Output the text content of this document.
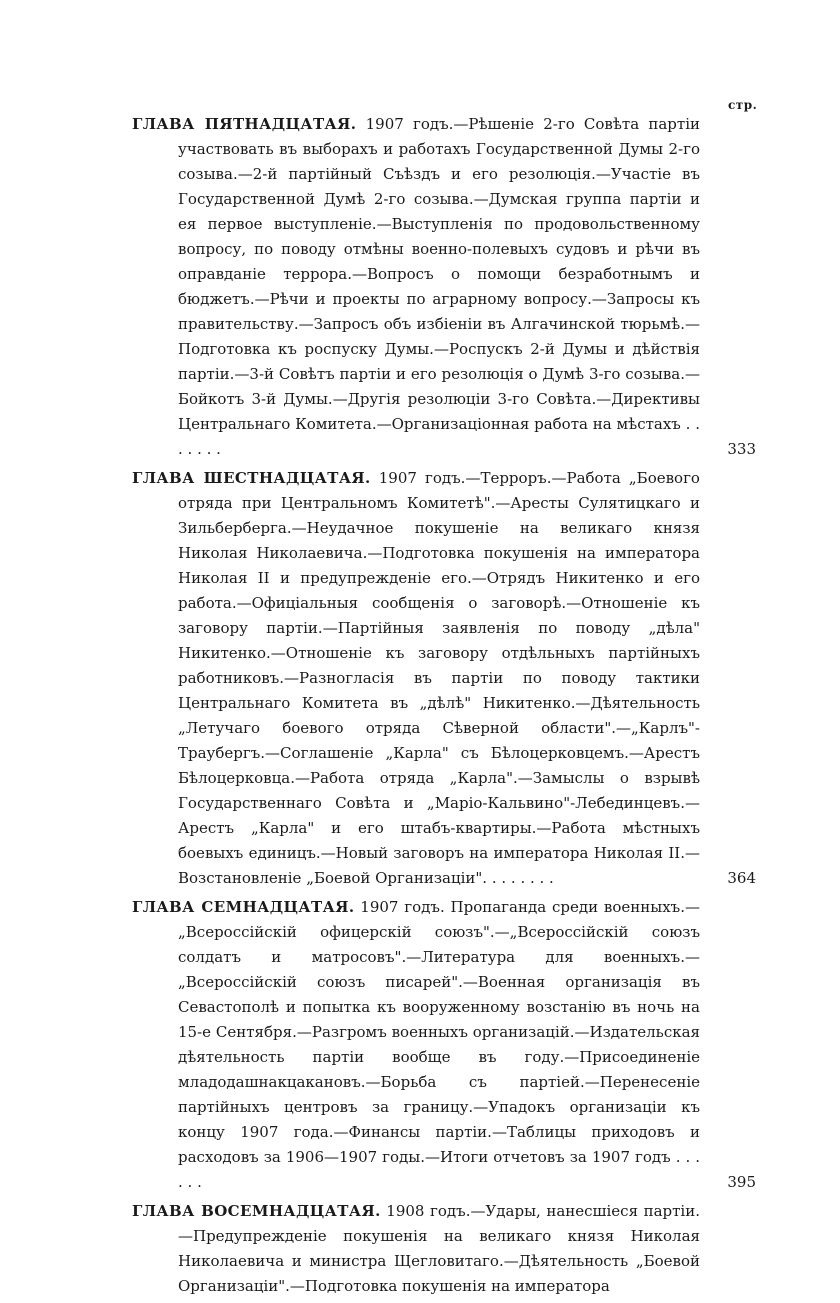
стр.
ГЛАВА ПЯТНАДЦАТАЯ. 1907 годъ.—Рѣшеніе 2-го Совѣта партіи участвовать въ выборахъ и работахъ Государственной Думы 2-го созыва.—2-й партійный Съѣздъ и его резолюція.—Участіе въ Государственной Думѣ 2-го созыва.—Думская группа партіи и ея первое выступленіе.—Выступленія по продовольственному вопросу, по поводу отмѣны военно-полевыхъ судовъ и рѣчи въ оправданіе террора.—Вопросъ о помощи безработнымъ и бюджетъ.—Рѣчи и проекты по аграрному вопросу.—Запросы къ правительству.—Запросъ объ избіеніи въ Алгачинской тюрьмѣ.—Подготовка къ роспуску Думы.—Роспускъ 2-й Думы и дѣйствія партіи.—3-й Совѣтъ партіи и его резолюція о Думѣ 3-го созыва.—Бойкотъ 3-й Думы.—Другія резолюціи 3-го Совѣта.—Директивы Центральнаго Комитета.—Организаціонная работа на мѣстахъ . . . . . . .	333
ГЛАВА ШЕСТНАДЦАТАЯ. 1907 годъ.—Терроръ.—Работа „Боевого отряда при Центральномъ Комитетѣ".—Аресты Сулятицкаго и Зильберберга.—Неудачное покушеніе на великаго князя Николая Николаевича.—Подготовка покушенія на императора Николая II и предупрежденіе его.—Отрядъ Никитенко и его работа.—Офиціальныя сообщенія о заговорѣ.—Отношеніе къ заговору партіи.—Партійныя заявленія по поводу „дѣла" Никитенко.—Отношеніе къ заговору отдѣльныхъ партійныхъ работниковъ.—Разногласія въ партіи по поводу тактики Центральнаго Комитета въ „дѣлѣ" Никитенко.—Дѣятельность „Летучаго боевого отряда Сѣверной области".—„Карлъ"-Траубергъ.—Соглашеніе „Карла" съ Бѣлоцерковцемъ.—Арестъ Бѣлоцерковца.—Работа отряда „Карла".—Замыслы о взрывѣ Государственнаго Совѣта и „Маріо-Кальвино"-Лебединцевъ.—Арестъ „Карла" и его штабъ-квартиры.—Работа мѣстныхъ боевыхъ единицъ.—Новый заговоръ на императора Николая II.—Возстановленіе „Боевой Организаціи". . . . . . . .	364
ГЛАВА СЕМНАДЦАТАЯ. 1907 годъ. Пропаганда среди военныхъ.—„Всероссійскій офицерскій союзъ".—„Всероссійскій союзъ солдатъ и матросовъ".—Литература для военныхъ.—„Всероссійскій союзъ писарей".—Военная организація въ Севастополѣ и попытка къ вооруженному возстанію въ ночь на 15-е Сентября.—Разгромъ военныхъ организацій.—Издательская дѣятельность партіи вообще въ году.—Присоединеніе младодашнакцакановъ.—Борьба съ партіей.—Перенесеніе партійныхъ центровъ за границу.—Упадокъ организаціи къ концу 1907 года.—Финансы партіи.—Таблицы приходовъ и расходовъ за 1906—1907 годы.—Итоги отчетовъ за 1907 годъ . . . . . .	395
ГЛАВА ВОСЕМНАДЦАТАЯ. 1908 годъ.—Удары, нанесшіеся партіи.—Предупрежденіе покушенія на великаго князя Николая Николаевича и министра Щегловитаго.—Дѣятельность „Боевой Организаціи".—Подготовка покушенія на императора
